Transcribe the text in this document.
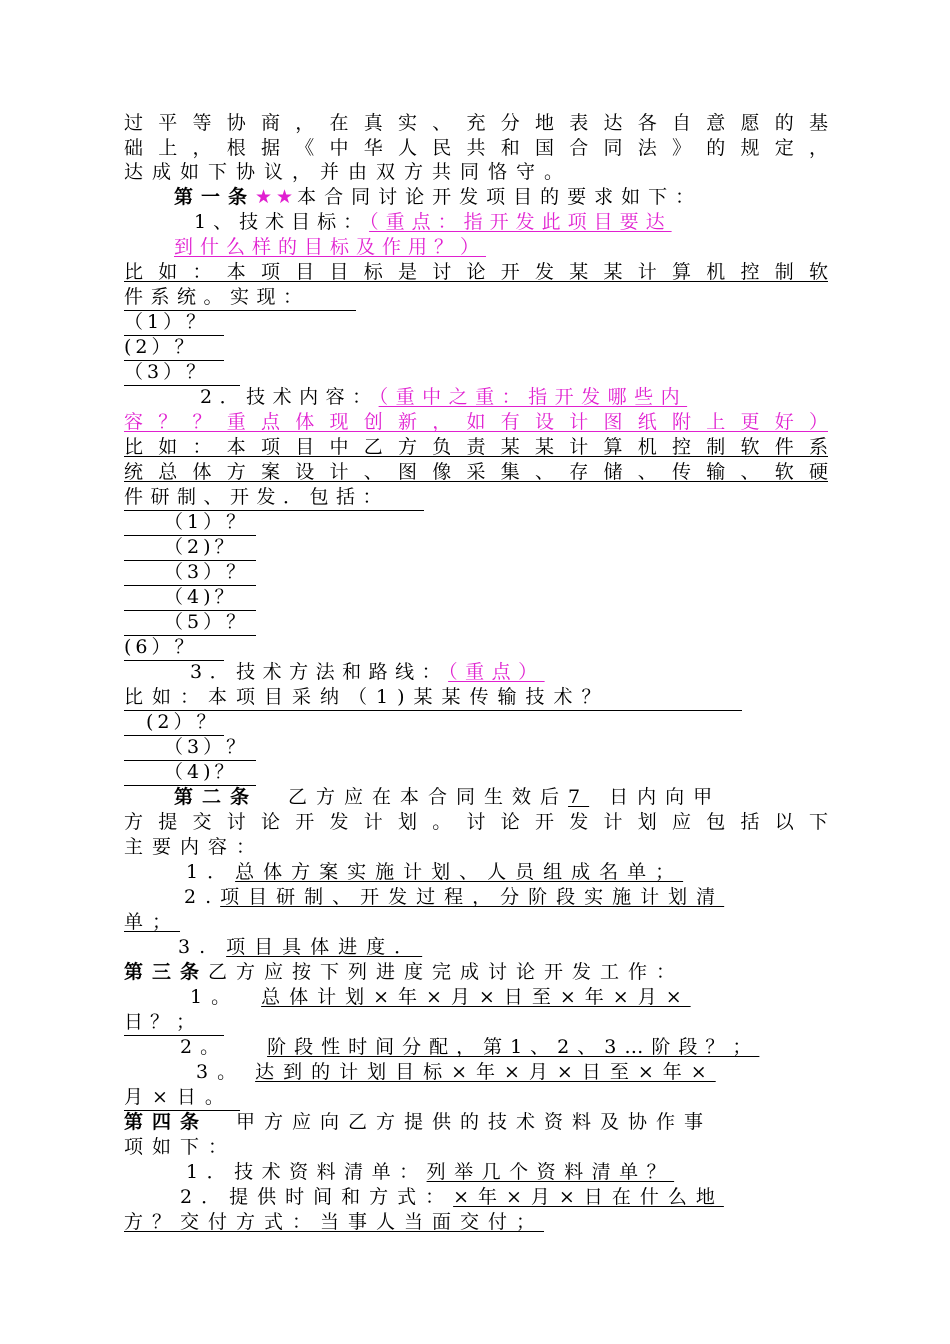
过平等协商，在真实、充分地表达各自意愿的基
础上，根据《中华人民共和国合同法》的规定，
达成如下协议，并由双方共同恪守。
第一条★★本合同讨论开发项目的要求如下：
1、技术目标：（重点：指开发此项目要达
到什么样的目标及作用？）
比如：本项目目标是讨论开发某某计算机控制软
件系统。实现：
（1）？
(2）？
（3）？
2．技术内容：（重中之重：指开发哪些内
容？？重点体现创新，如有设计图纸附上更好）
比如：本项目中乙方负责某某计算机控制软件系
统总体方案设计、图像采集、存储、传输、软硬
件研制、开发．包括：
（1）？
（2)？
（3）？
（4)？
（5）？
(6）？
3．技术方法和路线：（重点）
比如：本项目采纳（1)某某传输技术？
(2）？
（3）？
（4)？
第二条 乙方应在本合同生效后7 日内向甲
方提交讨论开发计划。讨论开发计划应包括以下
主要内容：
1．总体方案实施计划、人员组成名单；
2.项目研制、开发过程，分阶段实施计划清
单；
3. 项目具体进度．
第三条乙方应按下列进度完成讨论开发工作：
1。 总体计划×年×月×日至×年×月×
日？；
2。 阶段性时间分配，第1、2、3…阶段？；
3。 达到的计划目标×年×月×日至×年×
月×日。
第四条 甲方应向乙方提供的技术资料及协作事
项如下：
1．技术资料清单：列举几个资料清单？
2．提供时间和方式：×年×月×日在什么地
方？交付方式：当事人当面交付；
